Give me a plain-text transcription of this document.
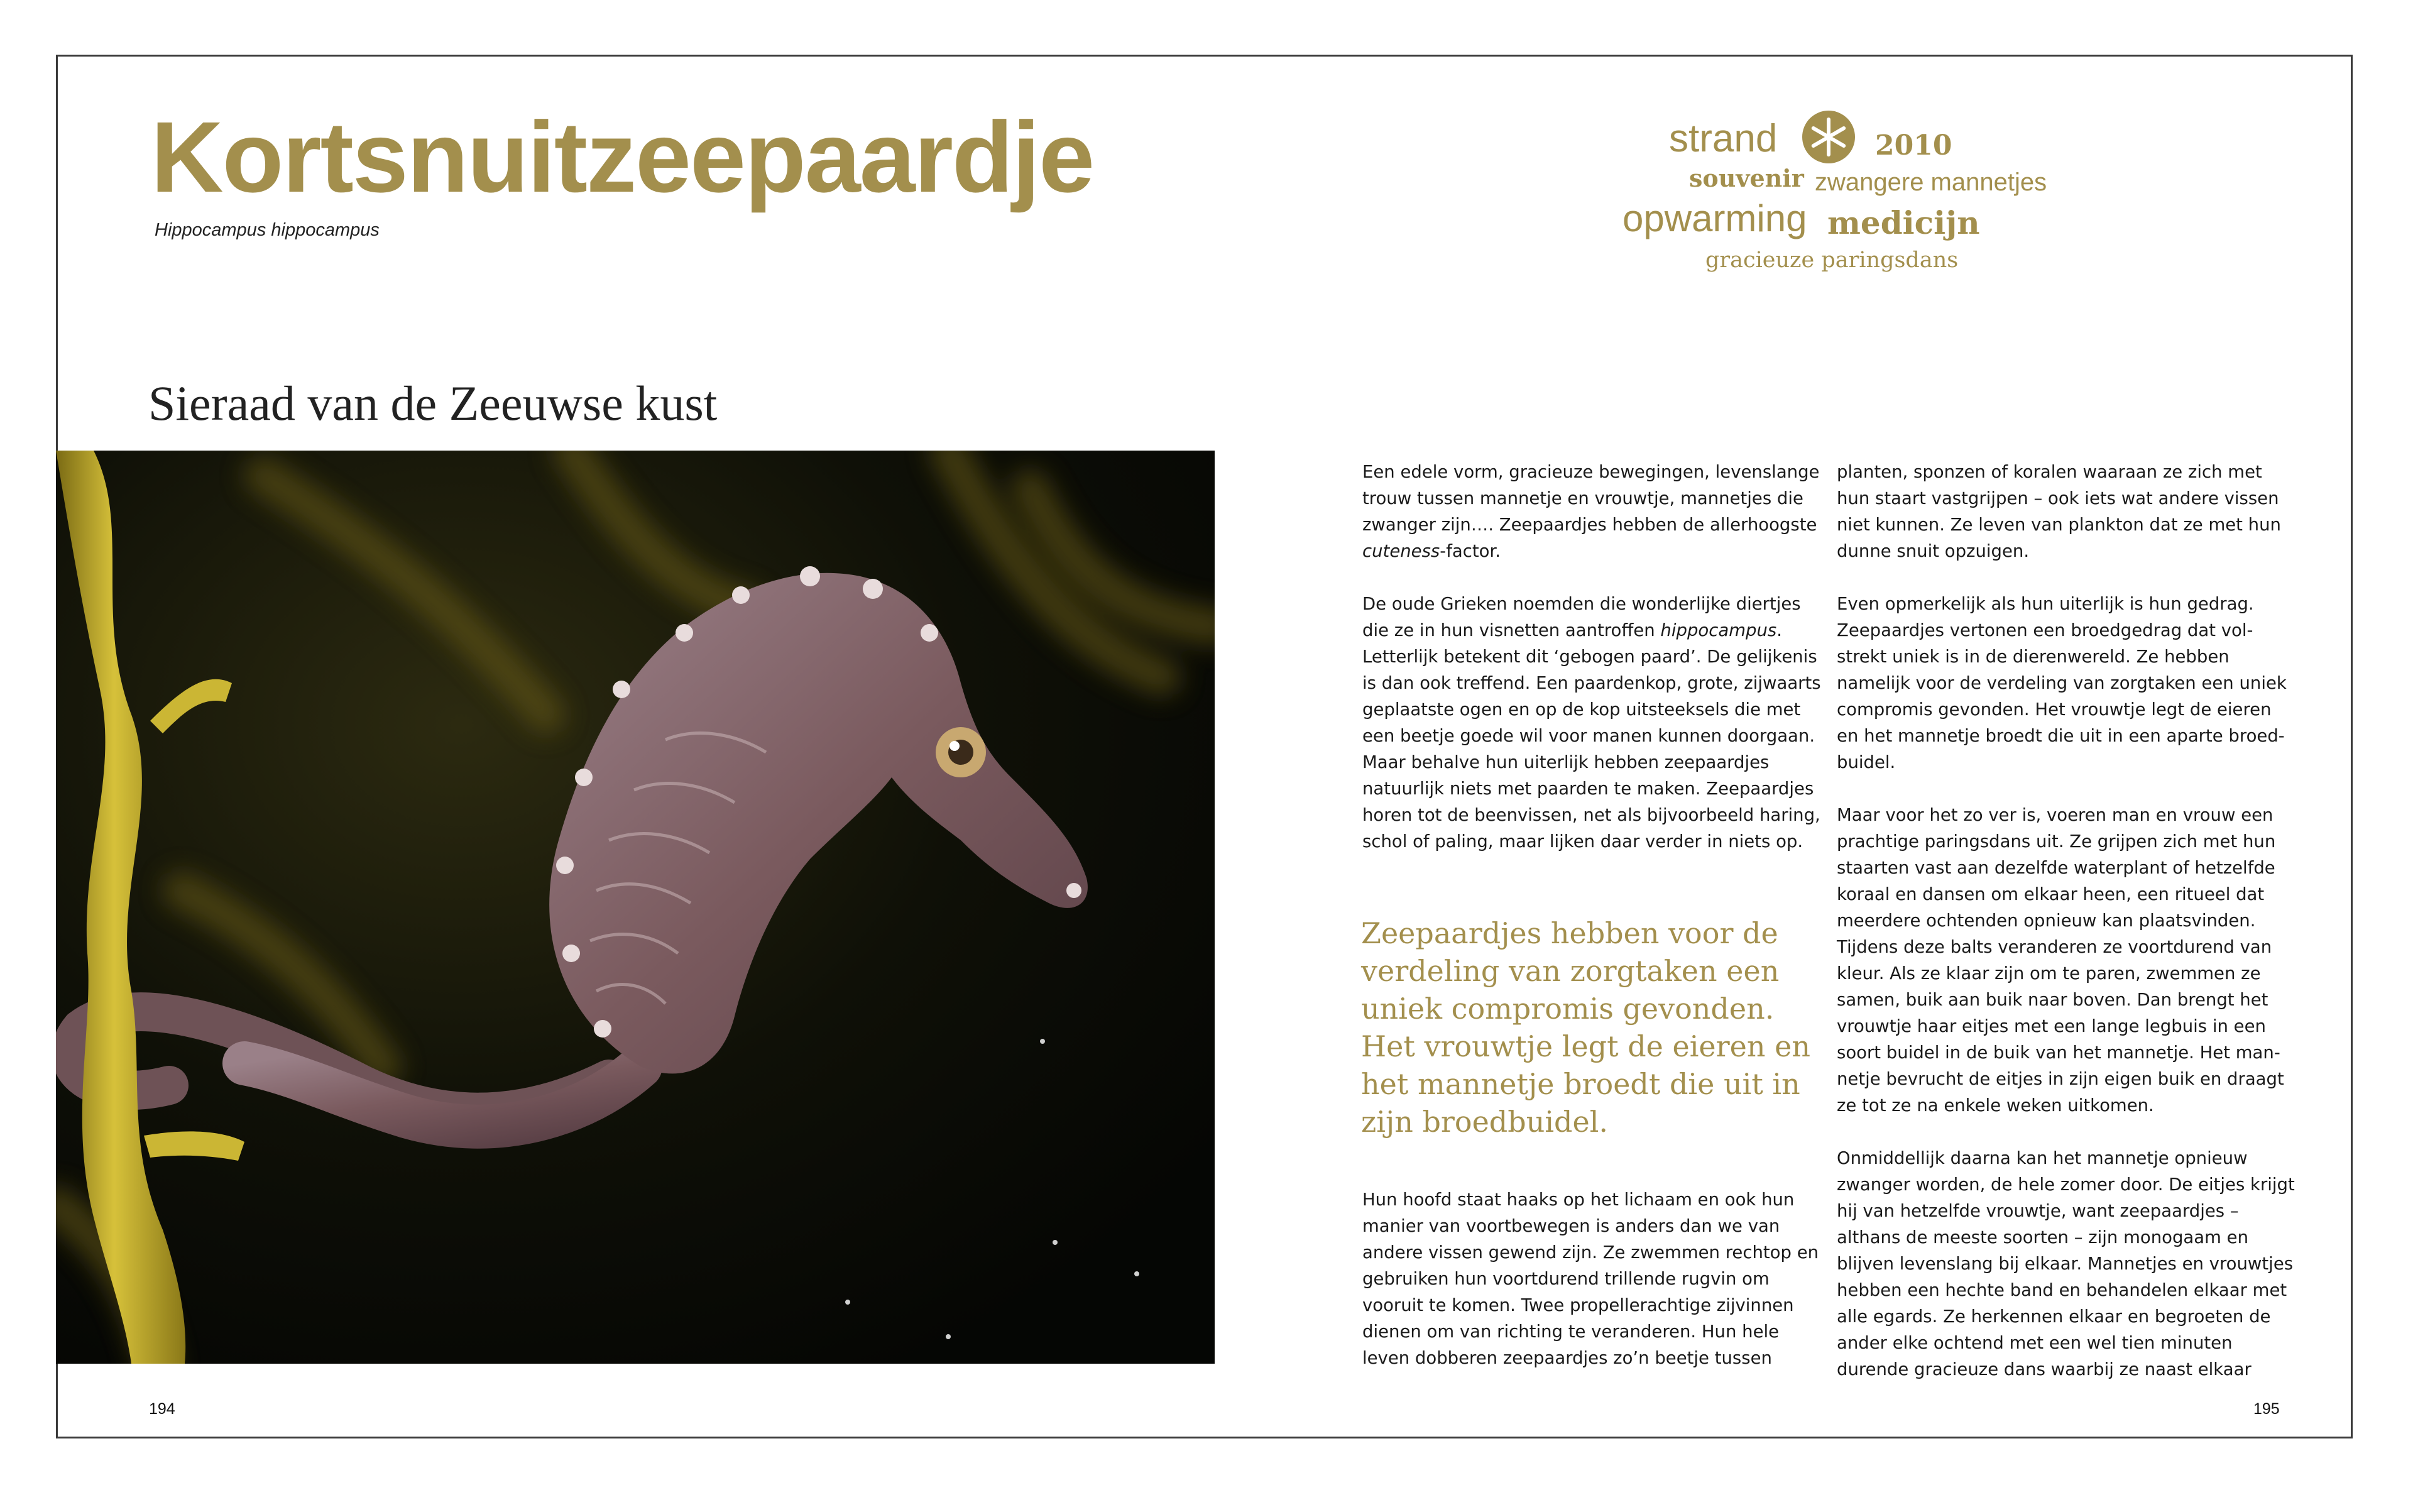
Kortsnuitzeepaardje
Hippocampus hippocampus
strand	2010
souvenir zwangere mannetjes
opwarming medicijn
gracieuze paringsdans
Sieraad van de Zeeuwse kust

Een edele vorm, gracieuze bewegingen, levenslange trouw tussen mannetje en vrouwtje, mannetjes die zwanger zijn…. Zeepaardjes hebben de allerhoogste cuteness-factor.

De oude Grieken noemden die wonderlijke diertjes die ze in hun visnetten aantroffen hippocampus. Letterlijk betekent dit ‘gebogen paard’. De gelijkenis is dan ook treffend. Een paardenkop, grote, zijwaarts geplaatste ogen en op de kop uitsteeksels die met een beetje goede wil voor manen kunnen doorgaan. Maar behalve hun uiterlijk hebben zeepaardjes natuurlijk niets met paarden te maken. Zeepaardjes horen tot de beenvissen, net als bijvoorbeeld haring, schol of paling, maar lijken daar verder in niets op.

Zeepaardjes hebben voor de verdeling van zorgtaken een uniek compromis gevonden. Het vrouwtje legt de eieren en het mannetje broedt die uit in zijn broedbuidel.

Hun hoofd staat haaks op het lichaam en ook hun manier van voortbewegen is anders dan we van andere vissen gewend zijn. Ze zwemmen rechtop en gebruiken hun voortdurend trillende rugvin om vooruit te komen. Twee propellerachtige zijvinnen dienen om van richting te veranderen. Hun hele leven dobberen zeepaardjes zo’n beetje tussen

planten, sponzen of koralen waaraan ze zich met hun staart vastgrijpen – ook iets wat andere vissen niet kunnen. Ze leven van plankton dat ze met hun dunne snuit opzuigen.

Even opmerkelijk als hun uiterlijk is hun gedrag. Zeepaardjes vertonen een broedgedrag dat volstrekt uniek is in de dierenwereld. Ze hebben namelijk voor de verdeling van zorgtaken een uniek compromis gevonden. Het vrouwtje legt de eieren en het mannetje broedt die uit in een aparte broedbuidel.

Maar voor het zo ver is, voeren man en vrouw een prachtige paringsdans uit. Ze grijpen zich met hun staarten vast aan dezelfde waterplant of hetzelfde koraal en dansen om elkaar heen, een ritueel dat meerdere ochtenden opnieuw kan plaatsvinden. Tijdens deze balts veranderen ze voortdurend van kleur. Als ze klaar zijn om te paren, zwemmen ze samen, buik aan buik naar boven. Dan brengt het vrouwtje haar eitjes met een lange legbuis in een soort buidel in de buik van het mannetje. Het mannetje bevrucht de eitjes in zijn eigen buik en draagt ze tot ze na enkele weken uitkomen.

Onmiddellijk daarna kan het mannetje opnieuw zwanger worden, de hele zomer door. De eitjes krijgt hij van hetzelfde vrouwtje, want zeepaardjes – althans de meeste soorten – zijn monogaam en blijven levenslang bij elkaar. Mannetjes en vrouwtjes hebben een hechte band en behandelen elkaar met alle egards. Ze herkennen elkaar en begroeten de ander elke ochtend met een wel tien minuten durende gracieuze dans waarbij ze naast elkaar

194	195
